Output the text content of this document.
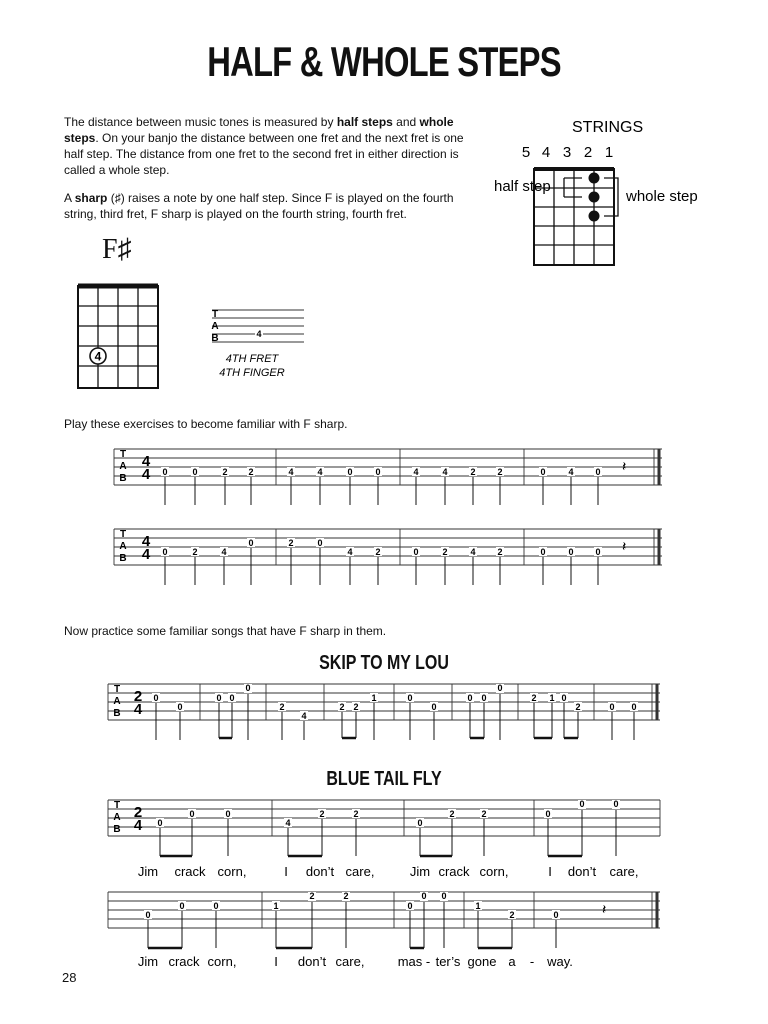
HALF & WHOLE STEPS
The distance between music tones is measured by half steps and whole steps. On your banjo the distance between one fret and the next fret is one half step. The distance from one fret to the second fret in either direction is called a whole step.
A sharp (♯) raises a note by one half step. Since F is played on the fourth string, third fret, F sharp is played on the fourth string, fourth fret.
STRINGS
5 4 3 2 1
half step
whole step
F♯
4
T
A
B	4
4TH FRET
4TH FINGER
Play these exercises to become familiar with F sharp.
T
A
B
4
4 0	0	2 2	4	4	0	0	4	4	2 2	0	4 0 𝄽
T
A
B
4
4 0	2	4
0	2	0
4	2	0	2	4 2	0	0 0 𝄽
Now practice some familiar songs that have F sharp in them.
SKIP TO MY LOU
T
A
B
2
4
0
0
0 0
0
2
4
2 2
1	0
0
0 0
0
2 1 0
2	0 0
BLUE TAIL FLY
T
A
B
2
4 0
0	0
4
2	2
0
2	2	0
0	0
Jim crack corn,	I don’t care,	Jim crack corn,	I don’t care,
0
0	0	1
2	2
0
0 0
1
2	0	𝄽
Jim crack corn,	I don’t care,	mas - ter’s gone a - way.
28
